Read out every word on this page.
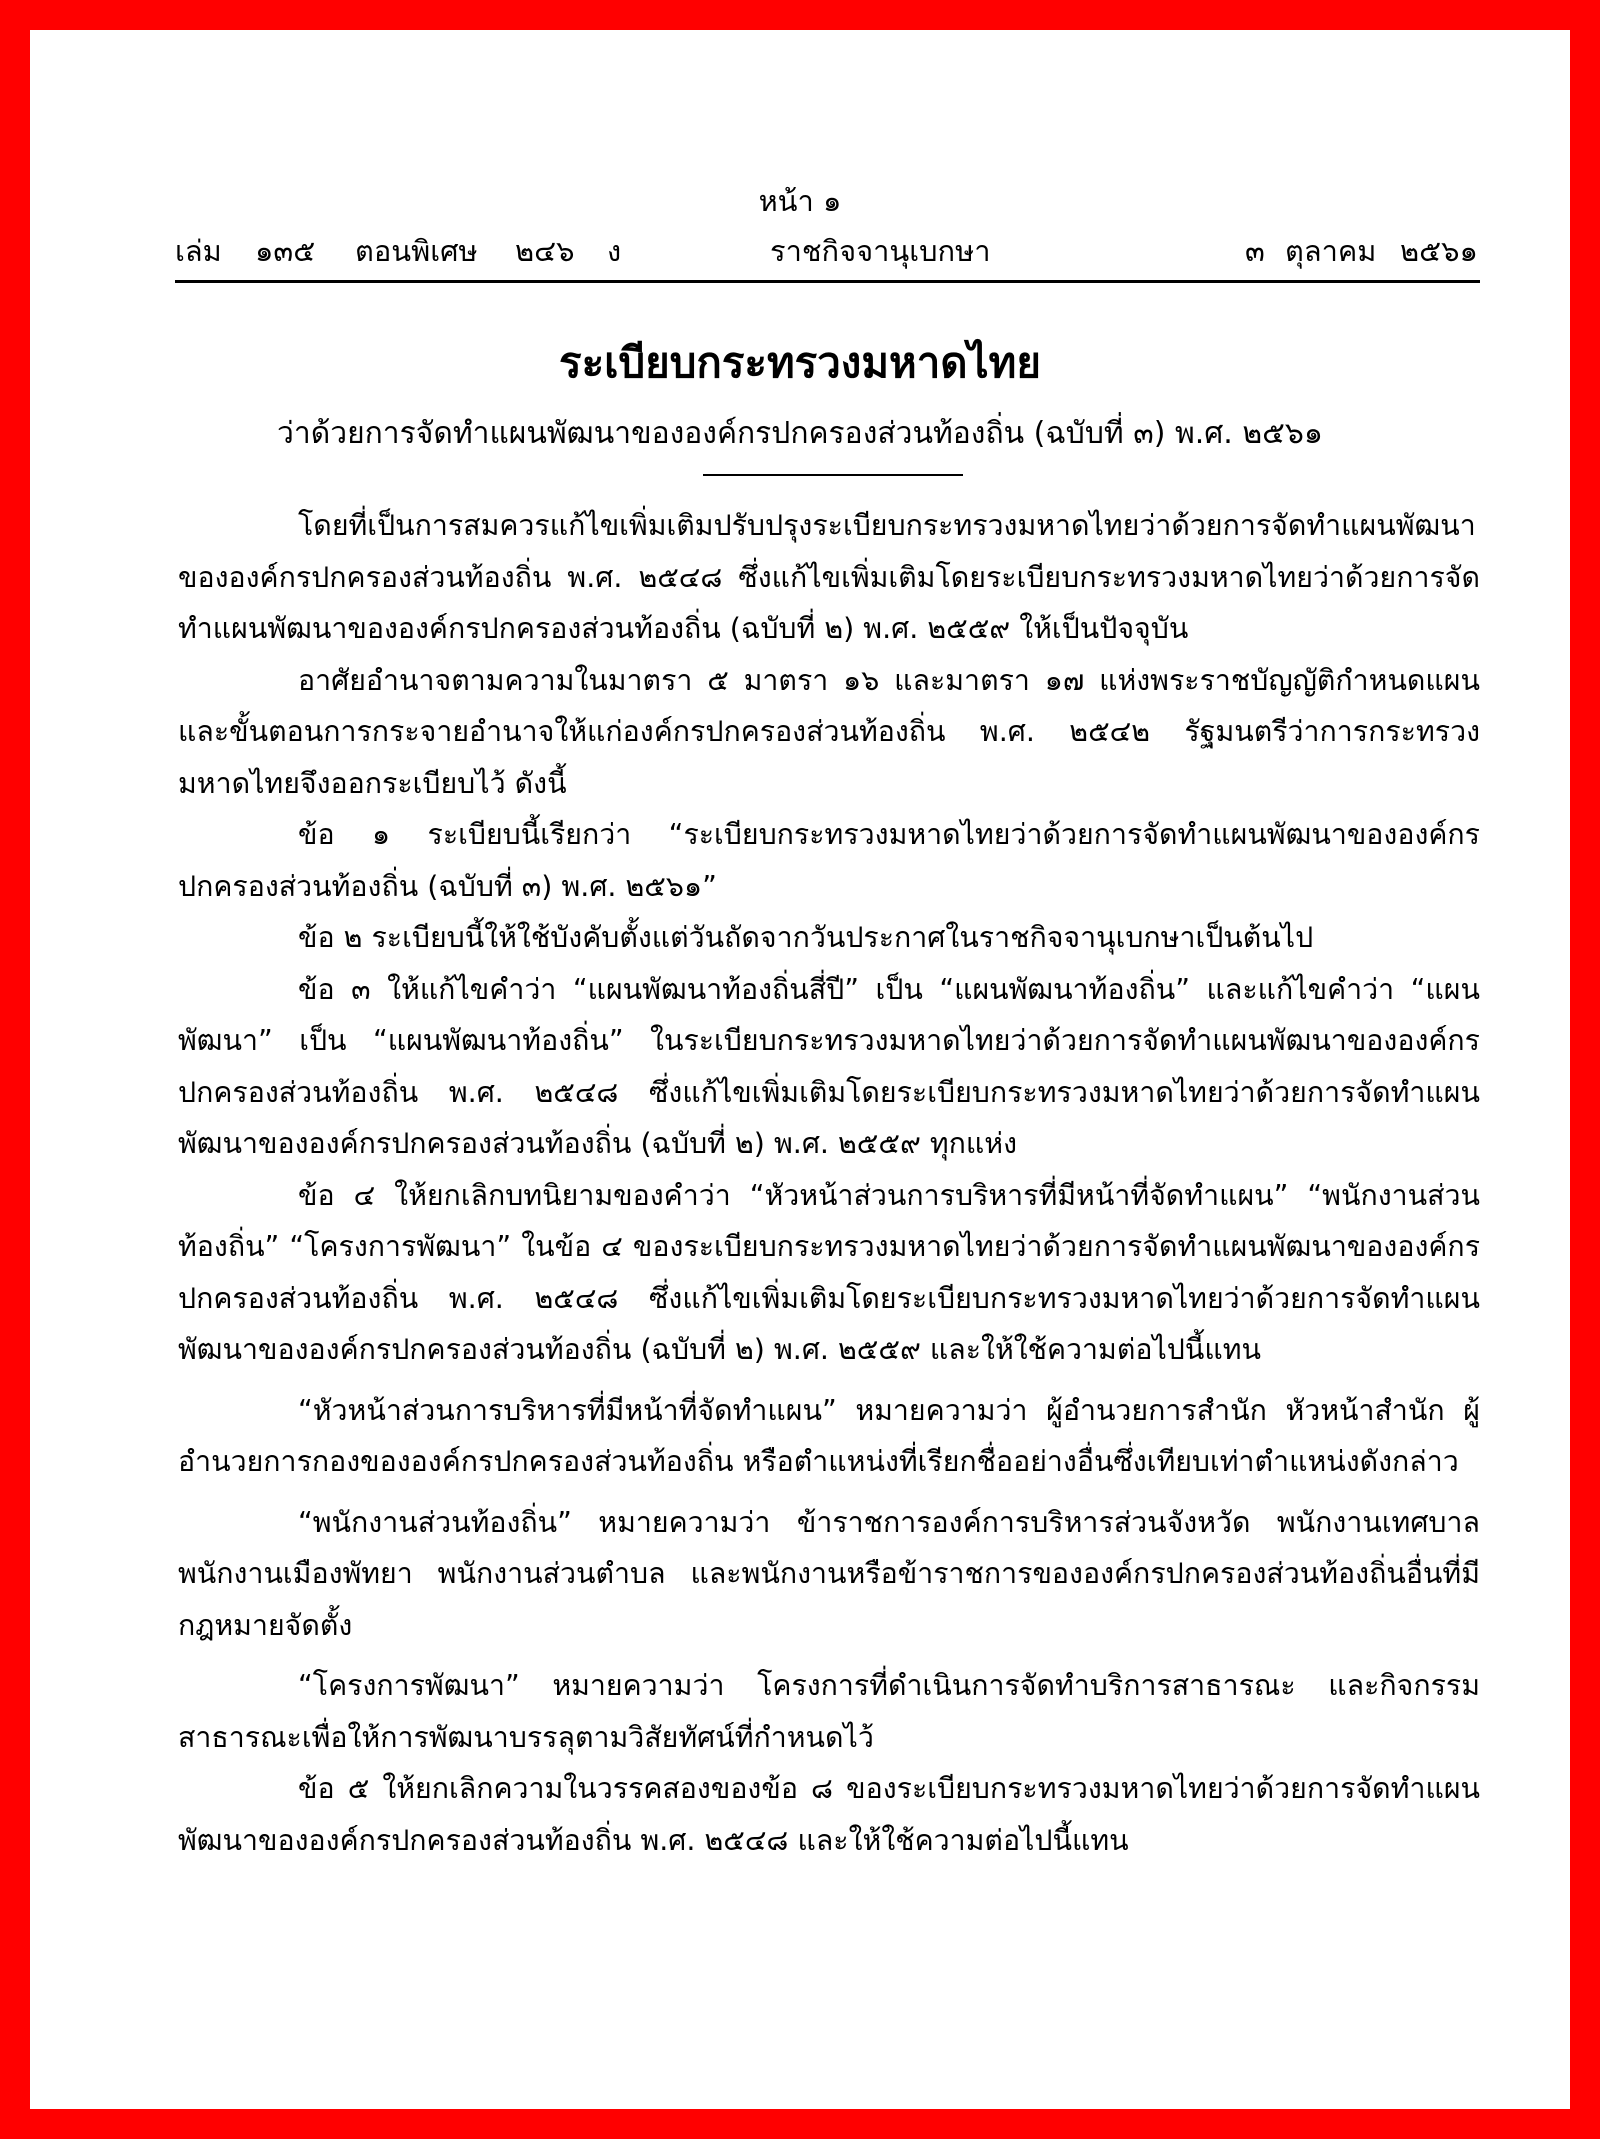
หน้า ๑
เล่ม ๑๓๕ ตอนพิเศษ ๒๔๖ ง	ราชกิจจานุเบกษา	๓ ตุลาคม ๒๕๖๑
ระเบียบกระทรวงมหาดไทย
ว่าด้วยการจัดทำแผนพัฒนาขององค์กรปกครองส่วนท้องถิ่น (ฉบับที่ ๓) พ.ศ. ๒๕๖๑

โดยที่เป็นการสมควรแก้ไขเพิ่มเติมปรับปรุงระเบียบกระทรวงมหาดไทยว่าด้วยการจัดทำแผนพัฒนาขององค์กรปกครองส่วนท้องถิ่น พ.ศ. ๒๕๔๘ ซึ่งแก้ไขเพิ่มเติมโดยระเบียบกระทรวงมหาดไทยว่าด้วยการจัดทำแผนพัฒนาขององค์กรปกครองส่วนท้องถิ่น (ฉบับที่ ๒) พ.ศ. ๒๕๕๙ ให้เป็นปัจจุบัน

อาศัยอำนาจตามความในมาตรา ๕ มาตรา ๑๖ และมาตรา ๑๗ แห่งพระราชบัญญัติกำหนดแผนและขั้นตอนการกระจายอำนาจให้แก่องค์กรปกครองส่วนท้องถิ่น พ.ศ. ๒๕๔๒ รัฐมนตรีว่าการกระทรวงมหาดไทยจึงออกระเบียบไว้ ดังนี้

ข้อ ๑ ระเบียบนี้เรียกว่า “ระเบียบกระทรวงมหาดไทยว่าด้วยการจัดทำแผนพัฒนาขององค์กรปกครองส่วนท้องถิ่น (ฉบับที่ ๓) พ.ศ. ๒๕๖๑”

ข้อ ๒ ระเบียบนี้ให้ใช้บังคับตั้งแต่วันถัดจากวันประกาศในราชกิจจานุเบกษาเป็นต้นไป

ข้อ ๓ ให้แก้ไขคำว่า “แผนพัฒนาท้องถิ่นสี่ปี” เป็น “แผนพัฒนาท้องถิ่น” และแก้ไขคำว่า “แผนพัฒนา” เป็น “แผนพัฒนาท้องถิ่น” ในระเบียบกระทรวงมหาดไทยว่าด้วยการจัดทำแผนพัฒนาขององค์กรปกครองส่วนท้องถิ่น พ.ศ. ๒๕๔๘ ซึ่งแก้ไขเพิ่มเติมโดยระเบียบกระทรวงมหาดไทยว่าด้วยการจัดทำแผนพัฒนาขององค์กรปกครองส่วนท้องถิ่น (ฉบับที่ ๒) พ.ศ. ๒๕๕๙ ทุกแห่ง

ข้อ ๔ ให้ยกเลิกบทนิยามของคำว่า “หัวหน้าส่วนการบริหารที่มีหน้าที่จัดทำแผน” “พนักงานส่วนท้องถิ่น” “โครงการพัฒนา” ในข้อ ๔ ของระเบียบกระทรวงมหาดไทยว่าด้วยการจัดทำแผนพัฒนาขององค์กรปกครองส่วนท้องถิ่น พ.ศ. ๒๕๔๘ ซึ่งแก้ไขเพิ่มเติมโดยระเบียบกระทรวงมหาดไทยว่าด้วยการจัดทำแผนพัฒนาขององค์กรปกครองส่วนท้องถิ่น (ฉบับที่ ๒) พ.ศ. ๒๕๕๙ และให้ใช้ความต่อไปนี้แทน

“หัวหน้าส่วนการบริหารที่มีหน้าที่จัดทำแผน” หมายความว่า ผู้อำนวยการสำนัก หัวหน้าสำนัก ผู้อำนวยการกองขององค์กรปกครองส่วนท้องถิ่น หรือตำแหน่งที่เรียกชื่ออย่างอื่นซึ่งเทียบเท่าตำแหน่งดังกล่าว

“พนักงานส่วนท้องถิ่น” หมายความว่า ข้าราชการองค์การบริหารส่วนจังหวัด พนักงานเทศบาล พนักงานเมืองพัทยา พนักงานส่วนตำบล และพนักงานหรือข้าราชการขององค์กรปกครองส่วนท้องถิ่นอื่นที่มีกฎหมายจัดตั้ง

“โครงการพัฒนา” หมายความว่า โครงการที่ดำเนินการจัดทำบริการสาธารณะ และกิจกรรมสาธารณะเพื่อให้การพัฒนาบรรลุตามวิสัยทัศน์ที่กำหนดไว้

ข้อ ๕ ให้ยกเลิกความในวรรคสองของข้อ ๘ ของระเบียบกระทรวงมหาดไทยว่าด้วยการจัดทำแผนพัฒนาขององค์กรปกครองส่วนท้องถิ่น พ.ศ. ๒๕๔๘ และให้ใช้ความต่อไปนี้แทน
